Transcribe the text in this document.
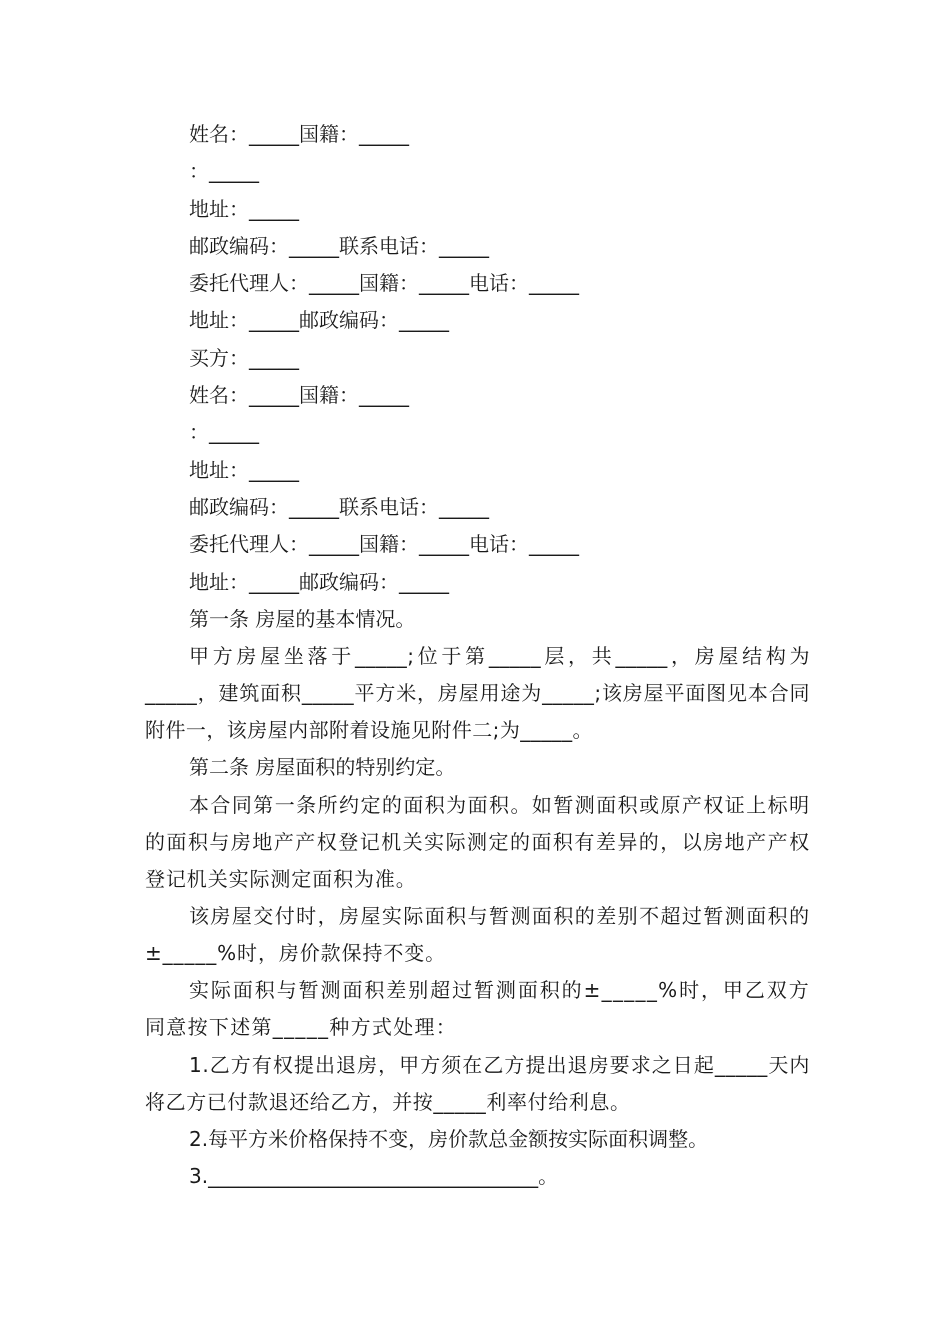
姓名：_____国籍：_____
：_____
地址：_____
邮政编码：_____联系电话：_____
委托代理人：_____国籍：_____电话：_____
地址：_____邮政编码：_____
买方：_____
姓名：_____国籍：_____
：_____
地址：_____
邮政编码：_____联系电话：_____
委托代理人：_____国籍：_____电话：_____
地址：_____邮政编码：_____
第一条 房屋的基本情况。

甲方房屋坐落于_____;位于第_____层，共_____，房屋结构为_____，建筑面积_____平方米，房屋用途为_____;该房屋平面图见本合同附件一，该房屋内部附着设施见附件二;为_____。

第二条 房屋面积的特别约定。

本合同第一条所约定的面积为面积。如暂测面积或原产权证上标明的面积与房地产产权登记机关实际测定的面积有差异的，以房地产产权登记机关实际测定面积为准。

该房屋交付时，房屋实际面积与暂测面积的差别不超过暂测面积的±_____%时，房价款保持不变。

实际面积与暂测面积差别超过暂测面积的±_____%时，甲乙双方同意按下述第_____种方式处理：

1.乙方有权提出退房，甲方须在乙方提出退房要求之日起_____天内将乙方已付款退还给乙方，并按_____利率付给利息。

2.每平方米价格保持不变，房价款总金额按实际面积调整。
3._________________________________。
